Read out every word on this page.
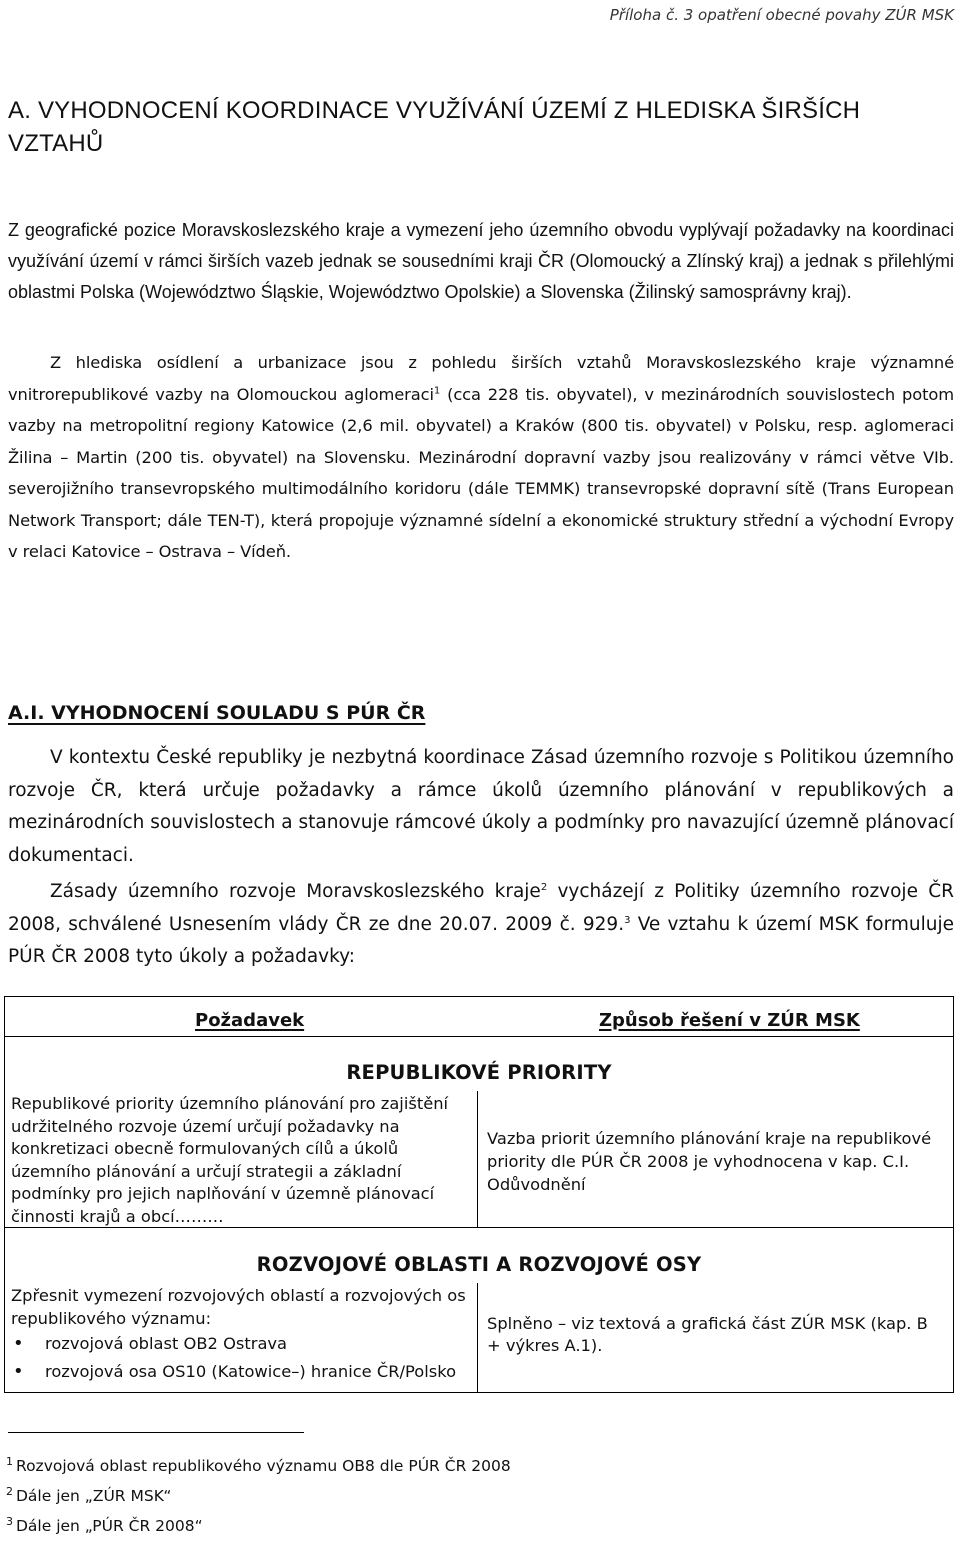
Příloha č. 3 opatření obecné povahy ZÚR MSK
A. VYHODNOCENÍ KOORDINACE VYUŽÍVÁNÍ ÚZEMÍ Z HLEDISKA ŠIRŠÍCH VZTAHŮ
Z geografické pozice Moravskoslezského kraje a vymezení jeho územního obvodu vyplývají požadavky na koordinaci využívání území v rámci širších vazeb jednak se sousedními kraji ČR (Olomoucký a Zlínský kraj) a jednak s přilehlými oblastmi Polska (Województwo Śląskie, Województwo Opolskie) a Slovenska (Žilinský samosprávny kraj).
Z hlediska osídlení a urbanizace jsou z pohledu širších vztahů Moravskoslezského kraje významné vnitrorepublikové vazby na Olomouckou aglomeraci$^1$ (cca 228 tis. obyvatel), v mezinárodních souvislostech potom vazby na metropolitní regiony Katowice (2,6 mil. obyvatel) a Kraków (800 tis. obyvatel) v Polsku, resp. aglomeraci Žilina – Martin (200 tis. obyvatel) na Slovensku. Mezinárodní dopravní vazby jsou realizovány v rámci větve VIb. severojižního transevropského multimodálního koridoru (dále TEMMK) transevropské dopravní sítě (Trans European Network Transport; dále TEN-T), která propojuje významné sídelní a ekonomické struktury střední a východní Evropy v relaci Katovice – Ostrava – Vídeň.
A.I. VYHODNOCENÍ SOULADU S PÚR ČR
V kontextu České republiky je nezbytná koordinace Zásad územního rozvoje s Politikou územního rozvoje ČR, která určuje požadavky a rámce úkolů územního plánování v republikových a mezinárodních souvislostech a stanovuje rámcové úkoly a podmínky pro navazující územně plánovací dokumentaci.
Zásady územního rozvoje Moravskoslezského kraje$^2$ vycházejí z Politiky územního rozvoje ČR 2008, schválené Usnesením vlády ČR ze dne 20.07. 2009 č. 929.$^3$ Ve vztahu k území MSK formuluje PÚR ČR 2008 tyto úkoly a požadavky:
Požadavek	Způsob řešení v ZÚR MSK
REPUBLIKOVÉ PRIORITY
Republikové priority územního plánování pro zajištění udržitelného rozvoje území určují požadavky na konkretizaci obecně formulovaných cílů a úkolů územního plánování a určují strategii a základní podmínky pro jejich naplňování v územně plánovací činnosti krajů a obcí………
Vazba priorit územního plánování kraje na republikové priority dle PÚR ČR 2008 je vyhodnocena v kap. C.I. Odůvodnění
ROZVOJOVÉ OBLASTI A ROZVOJOVÉ OSY
Zpřesnit vymezení rozvojových oblastí a rozvojových os republikového významu:
• rozvojová oblast OB2 Ostrava
• rozvojová osa OS10 (Katowice–) hranice ČR/Polsko
Splněno – viz textová a grafická část ZÚR MSK (kap. B + výkres A.1).
$^1$ Rozvojová oblast republikového významu OB8 dle PÚR ČR 2008
$^2$ Dále jen „ZÚR MSK“
$^3$ Dále jen „PÚR ČR 2008“
